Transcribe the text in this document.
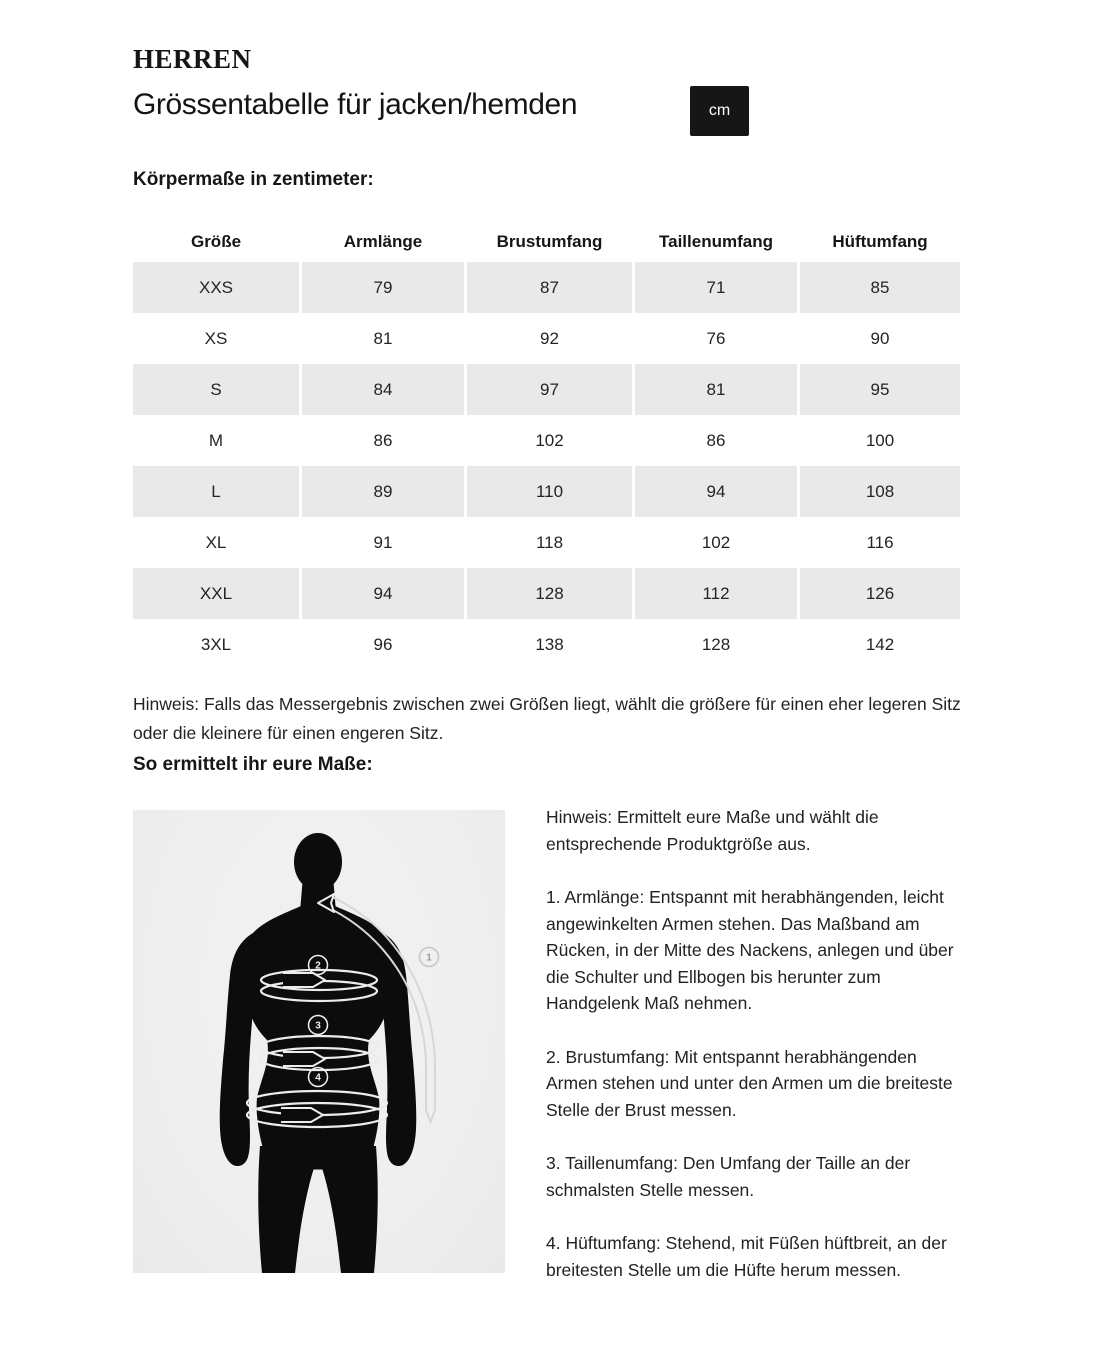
HERREN
Grössentabelle für jacken/hemden	cm
Körpermaße in zentimeter:
Größe	Armlänge	Brustumfang	Taillenumfang	Hüftumfang
XXS	79	87	71	85
XS	81	92	76	90
S	84	97	81	95
M	86	102	86	100
L	89	110	94	108
XL	91	118	102	116
XXL	94	128	112	126
3XL	96	138	128	142

Hinweis: Falls das Messergebnis zwischen zwei Größen liegt, wählt die größere für einen eher legeren Sitz oder die kleinere für einen engeren Sitz.

So ermittelt ihr eure Maße:
1
2
3
4

Hinweis: Ermittelt eure Maße und wählt die entsprechende Produktgröße aus.

1. Armlänge: Entspannt mit herabhängenden, leicht angewinkelten Armen stehen. Das Maßband am Rücken, in der Mitte des Nackens, anlegen und über die Schulter und Ellbogen bis herunter zum Handgelenk Maß nehmen.

2. Brustumfang: Mit entspannt herabhängenden Armen stehen und unter den Armen um die breiteste Stelle der Brust messen.

3. Taillenumfang: Den Umfang der Taille an der schmalsten Stelle messen.

4. Hüftumfang: Stehend, mit Füßen hüftbreit, an der breitesten Stelle um die Hüfte herum messen.
